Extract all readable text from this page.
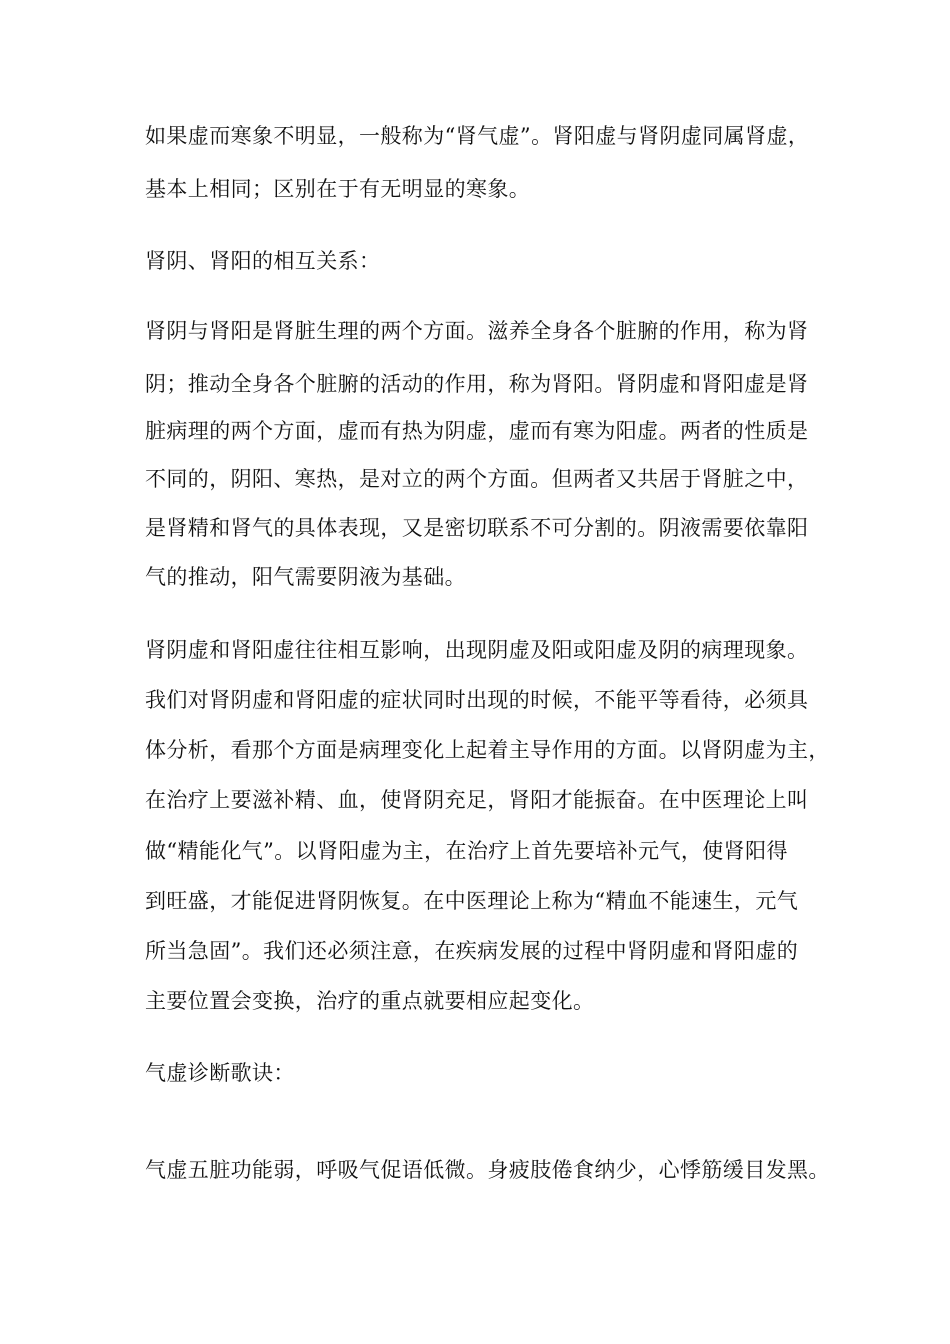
如果虚而寒象不明显，一般称为“肾气虚”。肾阳虚与肾阴虚同属肾虚，
基本上相同；区别在于有无明显的寒象。
肾阴、肾阳的相互关系：
肾阴与肾阳是肾脏生理的两个方面。滋养全身各个脏腑的作用，称为肾
阴；推动全身各个脏腑的活动的作用，称为肾阳。肾阴虚和肾阳虚是肾
脏病理的两个方面，虚而有热为阴虚，虚而有寒为阳虚。两者的性质是
不同的，阴阳、寒热，是对立的两个方面。但两者又共居于肾脏之中，
是肾精和肾气的具体表现，又是密切联系不可分割的。阴液需要依靠阳
气的推动，阳气需要阴液为基础。
肾阴虚和肾阳虚往往相互影响，出现阴虚及阳或阳虚及阴的病理现象。
我们对肾阴虚和肾阳虚的症状同时出现的时候，不能平等看待，必须具
体分析，看那个方面是病理变化上起着主导作用的方面。以肾阴虚为主，
在治疗上要滋补精、血，使肾阴充足，肾阳才能振奋。在中医理论上叫
做“精能化气”。以肾阳虚为主，在治疗上首先要培补元气，使肾阳得
到旺盛，才能促进肾阴恢复。在中医理论上称为“精血不能速生，元气
所当急固”。我们还必须注意，在疾病发展的过程中肾阴虚和肾阳虚的
主要位置会变换，治疗的重点就要相应起变化。
气虚诊断歌诀：
气虚五脏功能弱，呼吸气促语低微。身疲肢倦食纳少，心悸筋缓目发黑。
